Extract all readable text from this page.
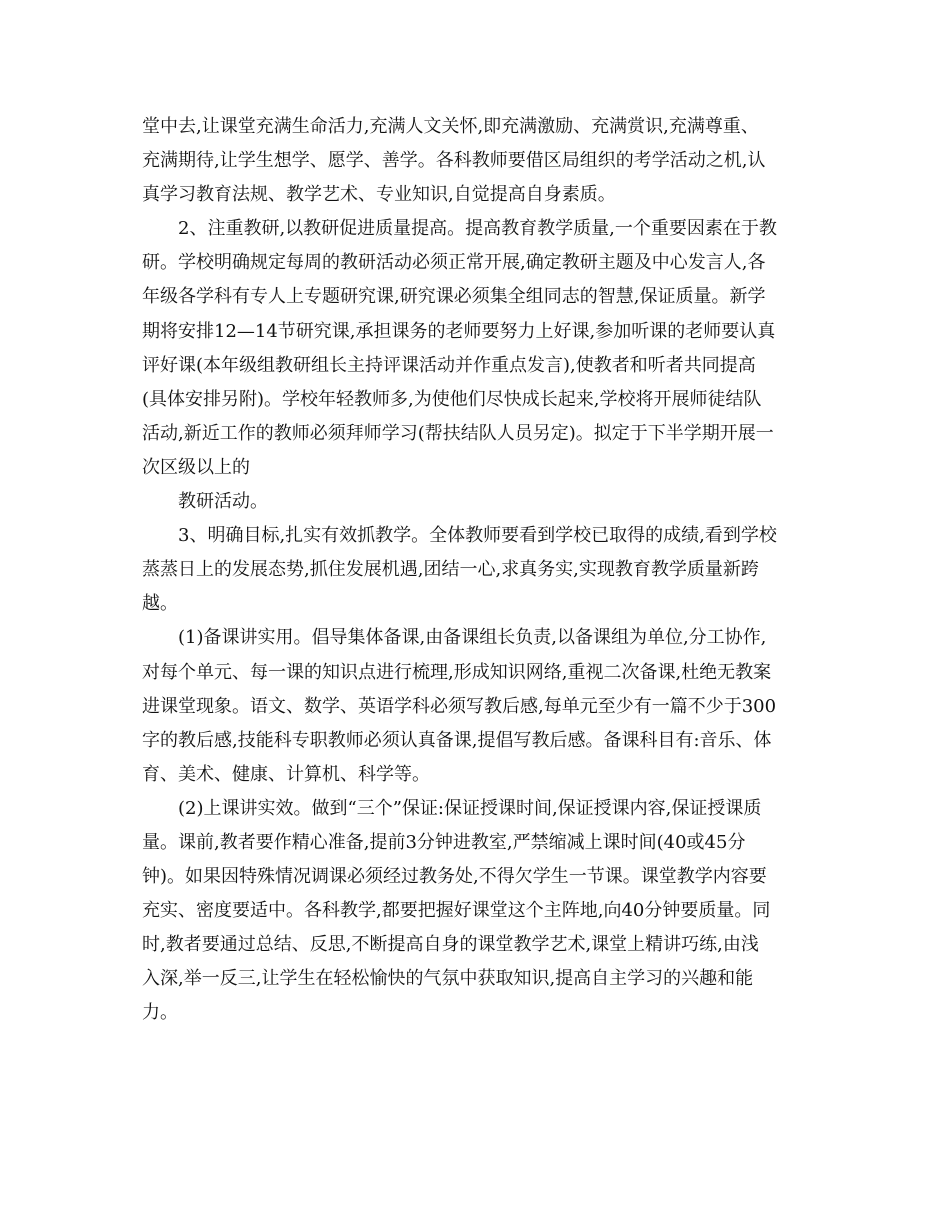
堂中去,让课堂充满生命活力,充满人文关怀,即充满激励、充满赏识,充满尊重、
充满期待,让学生想学、愿学、善学。各科教师要借区局组织的考学活动之机,认
真学习教育法规、教学艺术、专业知识,自觉提高自身素质。
2、注重教研,以教研促进质量提高。提高教育教学质量,一个重要因素在于教
研。学校明确规定每周的教研活动必须正常开展,确定教研主题及中心发言人,各
年级各学科有专人上专题研究课,研究课必须集全组同志的智慧,保证质量。新学
期将安排12—14节研究课,承担课务的老师要努力上好课,参加听课的老师要认真
评好课(本年级组教研组长主持评课活动并作重点发言),使教者和听者共同提高
(具体安排另附)。学校年轻教师多,为使他们尽快成长起来,学校将开展师徒结队
活动,新近工作的教师必须拜师学习(帮扶结队人员另定)。拟定于下半学期开展一
次区级以上的
教研活动。
3、明确目标,扎实有效抓教学。全体教师要看到学校已取得的成绩,看到学校
蒸蒸日上的发展态势,抓住发展机遇,团结一心,求真务实,实现教育教学质量新跨
越。
(1)备课讲实用。倡导集体备课,由备课组长负责,以备课组为单位,分工协作,
对每个单元、每一课的知识点进行梳理,形成知识网络,重视二次备课,杜绝无教案
进课堂现象。语文、数学、英语学科必须写教后感,每单元至少有一篇不少于300
字的教后感,技能科专职教师必须认真备课,提倡写教后感。备课科目有:音乐、体
育、美术、健康、计算机、科学等。
(2)上课讲实效。做到“三个”保证:保证授课时间,保证授课内容,保证授课质
量。课前,教者要作精心准备,提前3分钟进教室,严禁缩减上课时间(40或45分
钟)。如果因特殊情况调课必须经过教务处,不得欠学生一节课。课堂教学内容要
充实、密度要适中。各科教学,都要把握好课堂这个主阵地,向40分钟要质量。同
时,教者要通过总结、反思,不断提高自身的课堂教学艺术,课堂上精讲巧练,由浅
入深,举一反三,让学生在轻松愉快的气氛中获取知识,提高自主学习的兴趣和能
力。
